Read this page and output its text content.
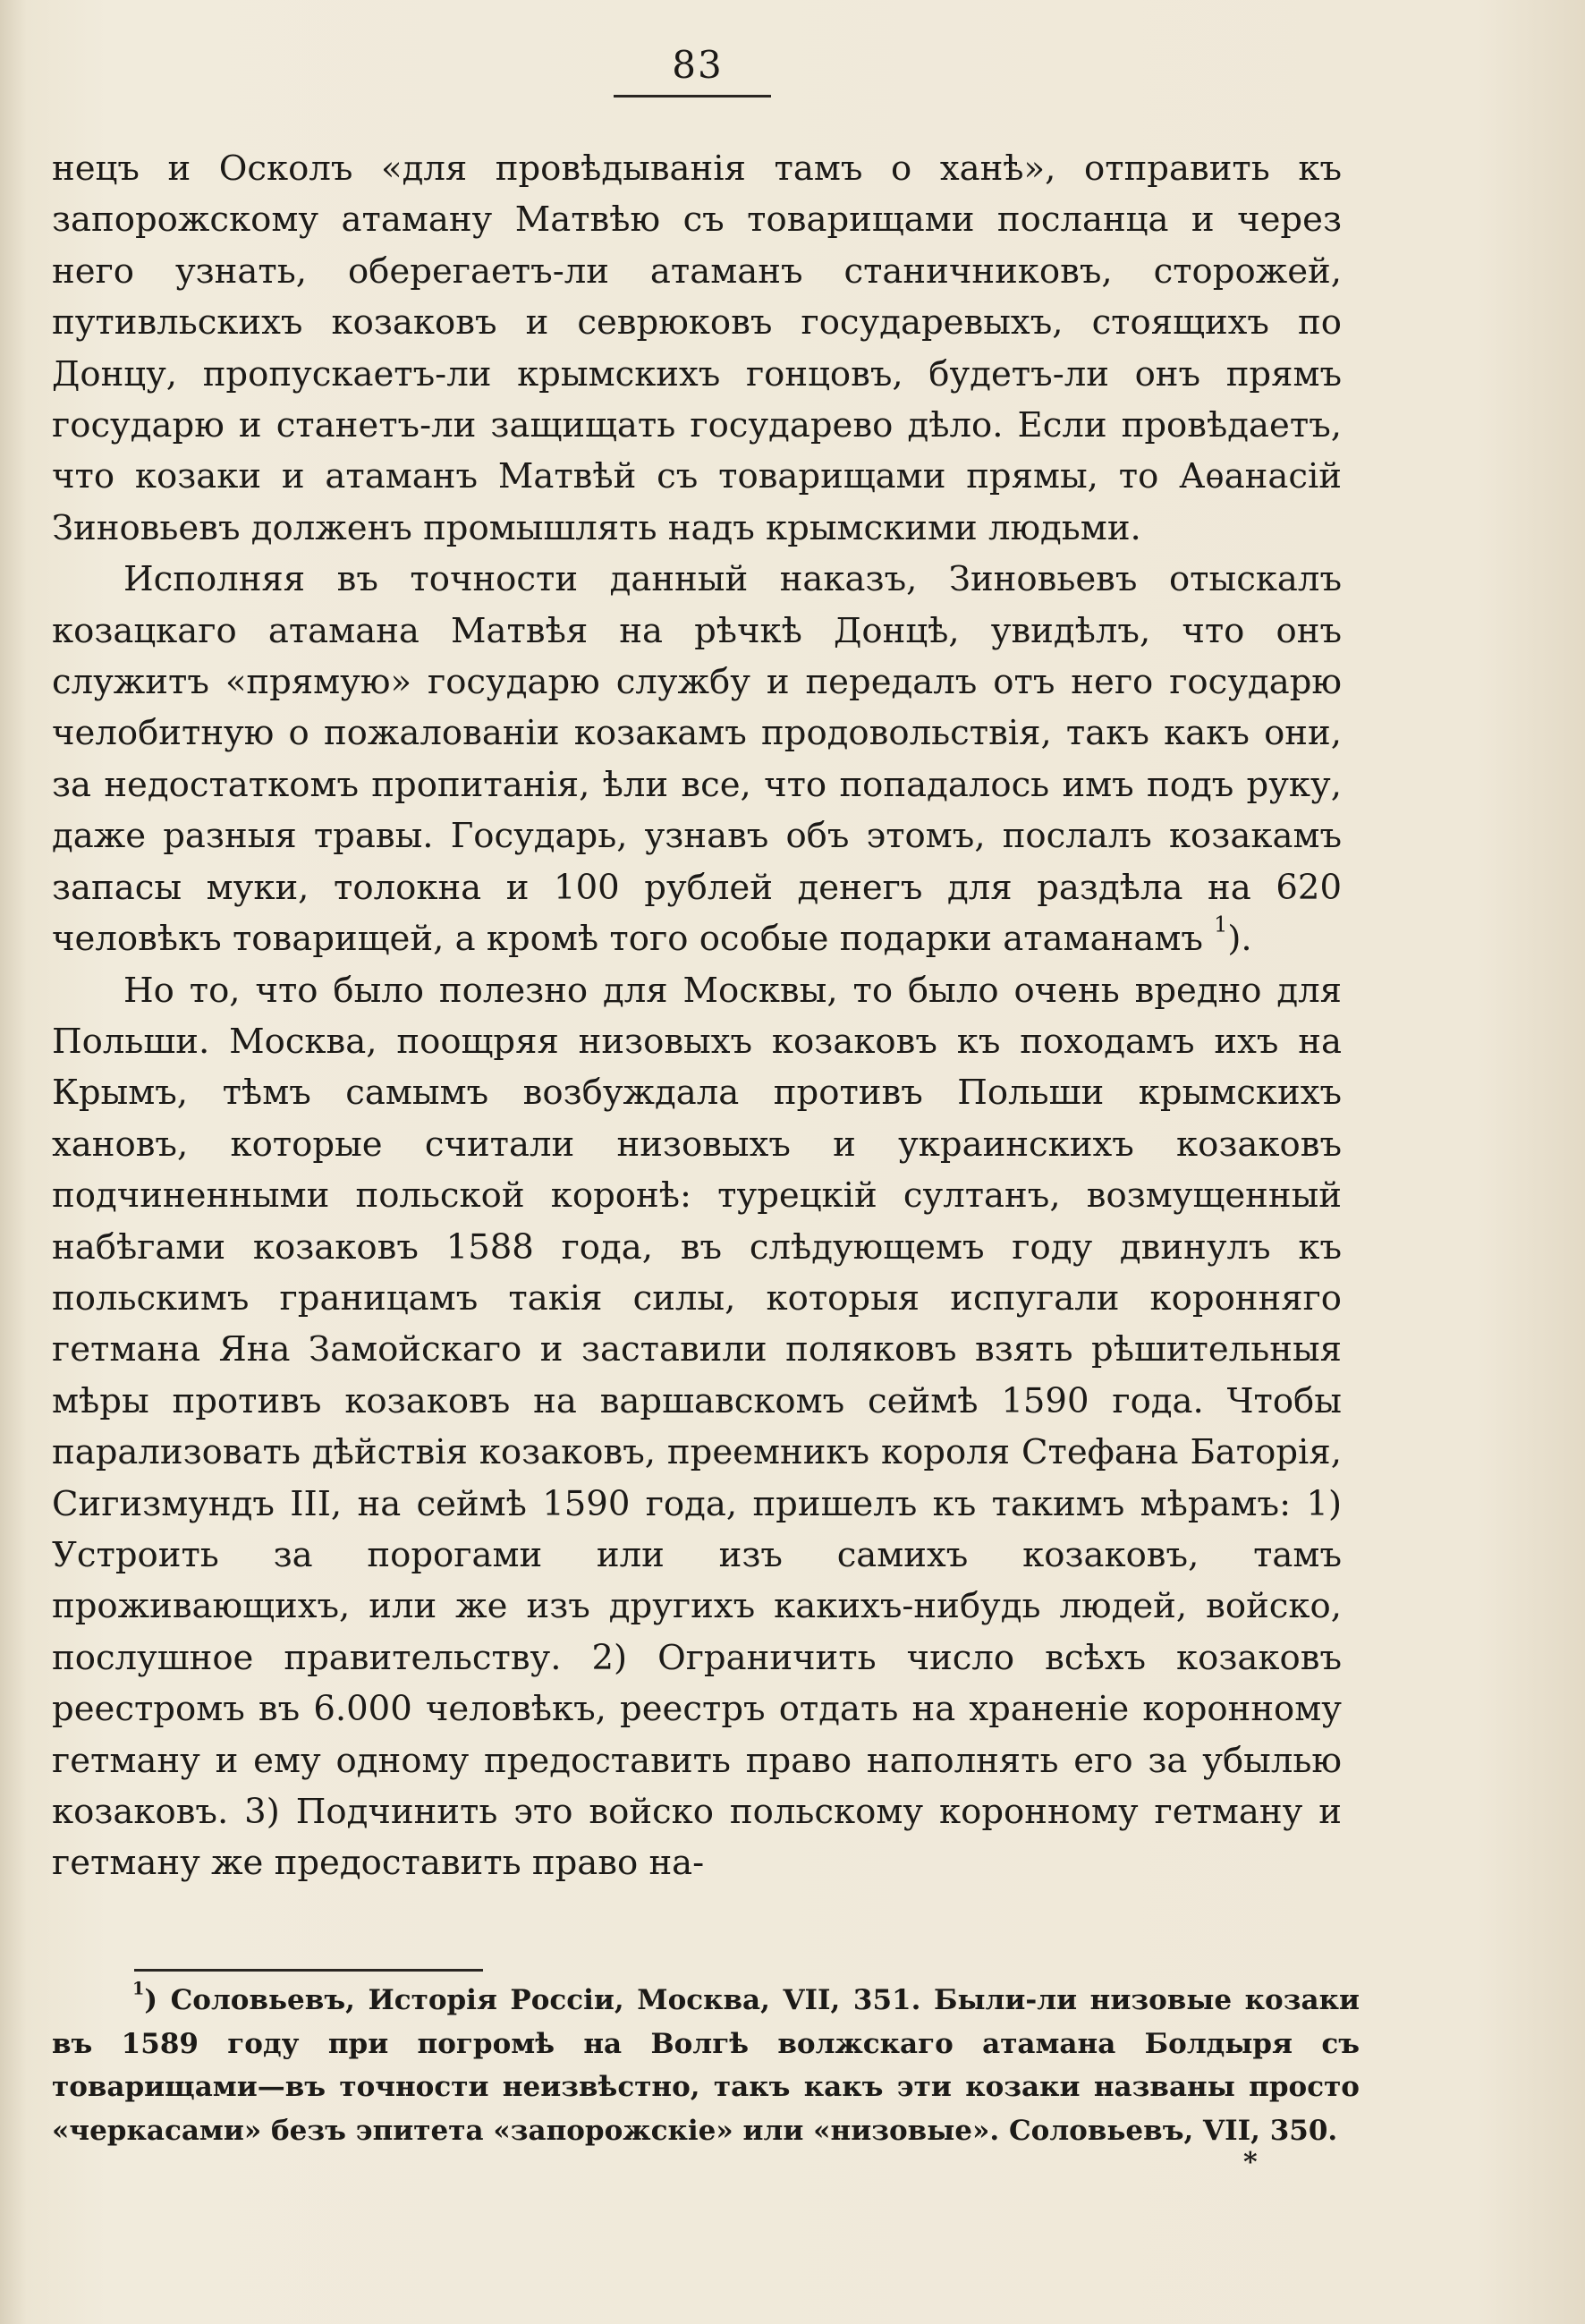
83

нецъ и Осколъ «для провѣдыванія тамъ о ханѣ», отправить къ запорожскому атаману Матвѣю съ товарищами посланца и через него узнать, оберегаетъ-ли атаманъ станичниковъ, сторожей, путивльскихъ козаковъ и севрюковъ государевыхъ, стоящихъ по Донцу, пропускаетъ-ли крымскихъ гонцовъ, будетъ-ли онъ прямъ государю и станетъ-ли защищать государево дѣло. Если провѣдаетъ, что козаки и атаманъ Матвѣй съ товарищами прямы, то Аѳанасій Зиновьевъ долженъ промышлять надъ крымскими людьми.

Исполняя въ точности данный наказъ, Зиновьевъ отыскалъ козацкаго атамана Матвѣя на рѣчкѣ Донцѣ, увидѣлъ, что онъ служитъ «прямую» государю службу и передалъ отъ него государю челобитную о пожалованіи козакамъ продовольствія, такъ какъ они, за недостаткомъ пропитанія, ѣли все, что попадалось имъ подъ руку, даже разныя травы. Государь, узнавъ объ этомъ, послалъ козакамъ запасы муки, толокна и 100 рублей денегъ для раздѣла на 620 человѣкъ товарищей, а кромѣ того особые подарки атаманамъ $^1$).

Но то, что было полезно для Москвы, то было очень вредно для Польши. Москва, поощряя низовыхъ козаковъ къ походамъ ихъ на Крымъ, тѣмъ самымъ возбуждала противъ Польши крымскихъ хановъ, которые считали низовыхъ и украинскихъ козаковъ подчиненными польской коронѣ: турецкій султанъ, возмущенный набѣгами козаковъ 1588 года, въ слѣдующемъ году двинулъ къ польскимъ границамъ такія силы, которыя испугали коронняго гетмана Яна Замойскаго и заставили поляковъ взять рѣшительныя мѣры противъ козаковъ на варшавскомъ сеймѣ 1590 года. Чтобы парализовать дѣйствія козаковъ, преемникъ короля Стефана Баторія, Сигизмундъ III, на сеймѣ 1590 года, пришелъ къ такимъ мѣрамъ: 1) Устроить за порогами или изъ самихъ козаковъ, тамъ проживающихъ, или же изъ другихъ какихъ-нибудь людей, войско, послушное правительству. 2) Ограничить число всѣхъ козаковъ реестромъ въ 6.000 человѣкъ, реестръ отдать на храненіе коронному гетману и ему одному предоставить право наполнять его за убылью козаковъ. 3) Подчинить это войско польскому коронному гетману и гетману же предоставить право на-

$^1$) Соловьевъ, Исторія Россіи, Москва, VII, 351. Были-ли низовые козаки въ 1589 году при погромѣ на Волгѣ волжскаго атамана Болдыря съ товарищами—въ точности неизвѣстно, такъ какъ эти козаки названы просто «черкасами» безъ эпитета «запорожскіе» или «низовые». Соловьевъ, VII, 350.
*
